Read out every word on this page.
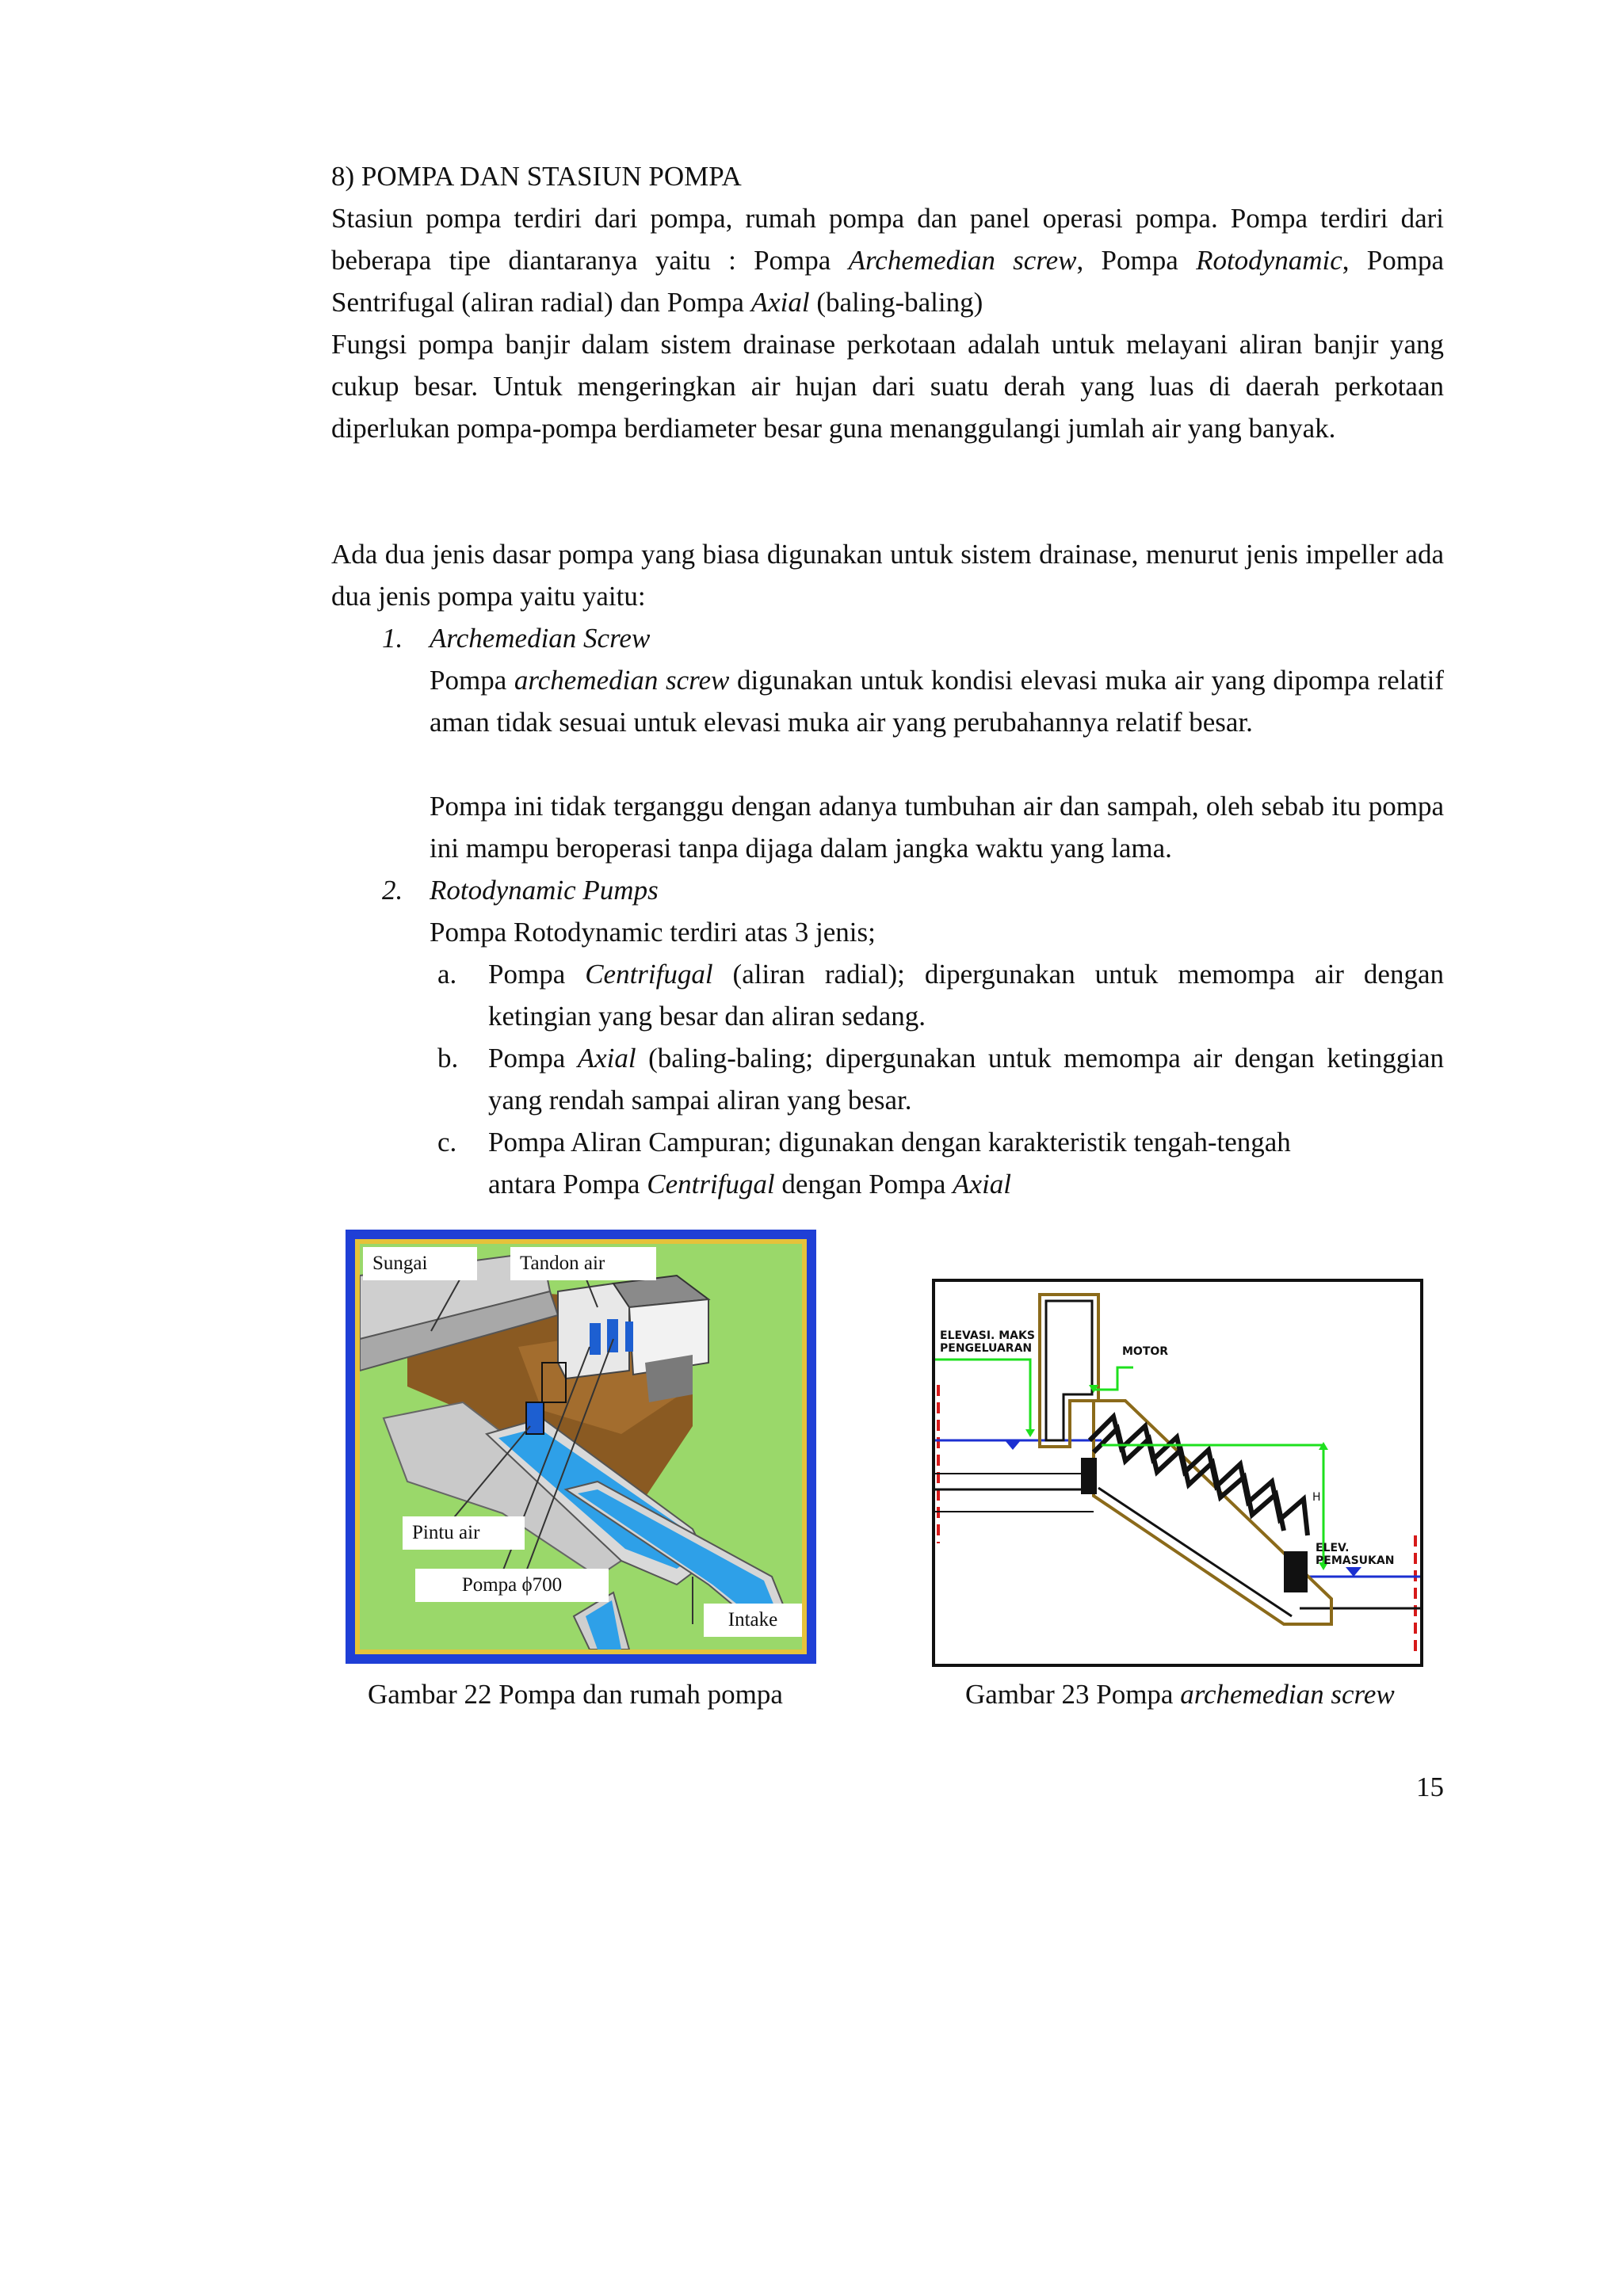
8) POMPA DAN STASIUN POMPA
Stasiun pompa terdiri dari pompa, rumah pompa dan panel operasi pompa. Pompa terdiri dari beberapa tipe diantaranya yaitu : Pompa Archemedian screw, Pompa Rotodynamic, Pompa Sentrifugal (aliran radial) dan Pompa Axial (baling-baling)
Fungsi pompa banjir dalam sistem drainase perkotaan adalah untuk melayani aliran banjir yang cukup besar. Untuk mengeringkan air hujan dari suatu derah yang luas di daerah perkotaan diperlukan pompa-pompa berdiameter besar guna menanggulangi jumlah air yang banyak.
Ada dua jenis dasar pompa yang biasa digunakan untuk sistem drainase, menurut jenis impeller ada dua jenis pompa yaitu yaitu:
1. Archemedian Screw
Pompa archemedian screw digunakan untuk kondisi elevasi muka air yang dipompa relatif aman tidak sesuai untuk elevasi muka air yang perubahannya relatif besar.
Pompa ini tidak terganggu dengan adanya tumbuhan air dan sampah, oleh sebab itu pompa ini mampu beroperasi tanpa dijaga dalam jangka waktu yang lama.
2. Rotodynamic Pumps
Pompa Rotodynamic terdiri atas 3 jenis;
a. Pompa Centrifugal (aliran radial); dipergunakan untuk memompa air dengan ketingian yang besar dan aliran sedang.
b. Pompa Axial (baling-baling; dipergunakan untuk memompa air dengan ketinggian yang rendah sampai aliran yang besar.
c. Pompa Aliran Campuran; digunakan dengan karakteristik tengah-tengah
antara Pompa Centrifugal dengan Pompa Axial
Sungai	Tandon air
Pintu air
Pompa ϕ700
Intake
Gambar 22 Pompa dan rumah pompa
ELEVASI. MAKS
PENGELUARAN	MOTOR
H
ELEV. PEMASUKAN
Gambar 23 Pompa archemedian screw
15
